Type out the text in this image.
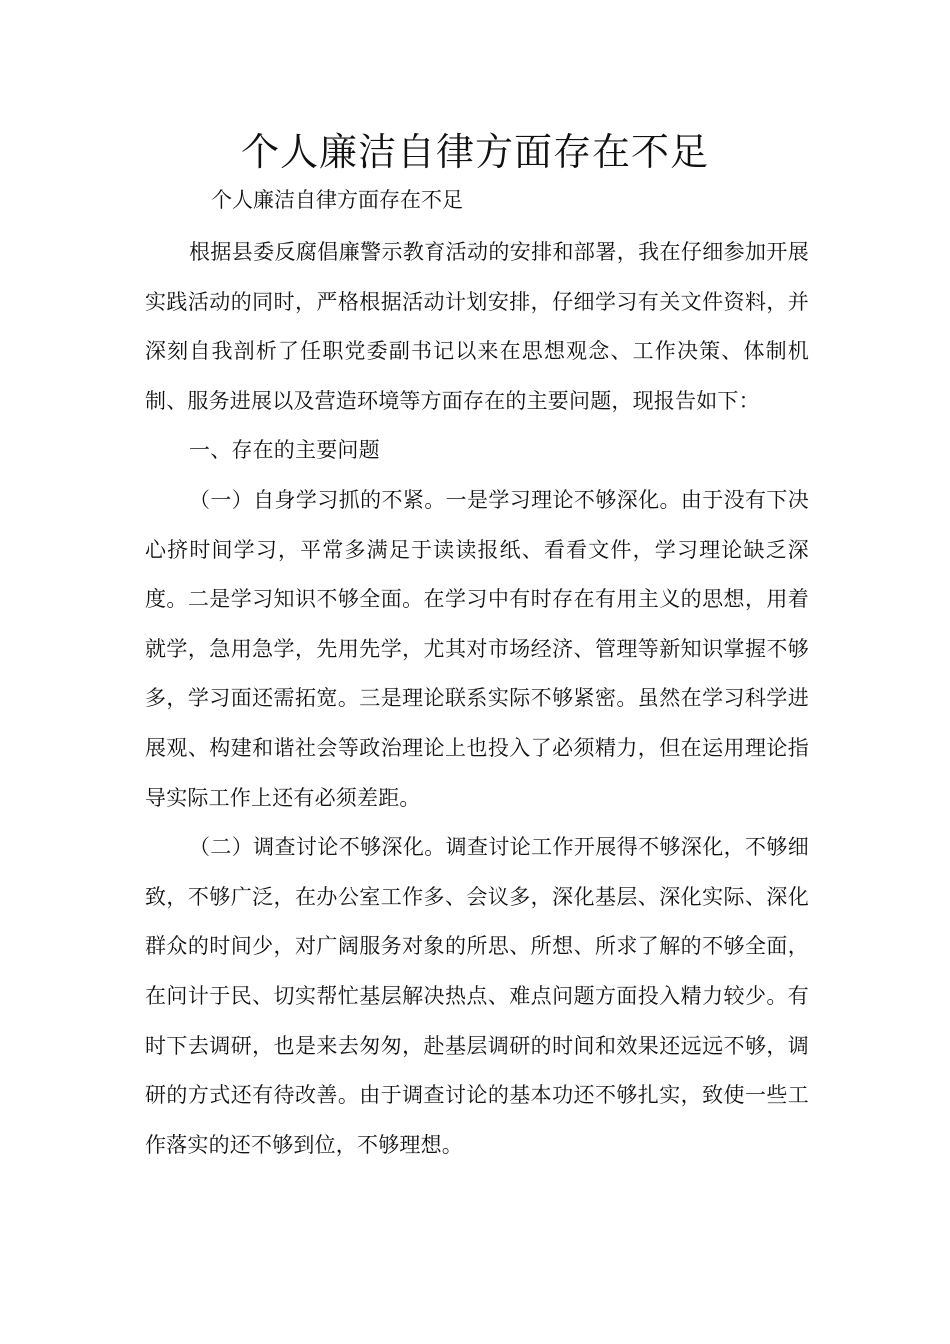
个人廉洁自律方面存在不足

个人廉洁自律方面存在不足

根据县委反腐倡廉警示教育活动的安排和部署，我在仔细参加开展实践活动的同时，严格根据活动计划安排，仔细学习有关文件资料，并深刻自我剖析了任职党委副书记以来在思想观念、工作决策、体制机制、服务进展以及营造环境等方面存在的主要问题，现报告如下：

一、存在的主要问题

（一）自身学习抓的不紧。一是学习理论不够深化。由于没有下决心挤时间学习，平常多满足于读读报纸、看看文件，学习理论缺乏深度。二是学习知识不够全面。在学习中有时存在有用主义的思想，用着就学，急用急学，先用先学，尤其对市场经济、管理等新知识掌握不够多，学习面还需拓宽。三是理论联系实际不够紧密。虽然在学习科学进展观、构建和谐社会等政治理论上也投入了必须精力，但在运用理论指导实际工作上还有必须差距。

（二）调查讨论不够深化。调查讨论工作开展得不够深化，不够细致，不够广泛，在办公室工作多、会议多，深化基层、深化实际、深化群众的时间少，对广阔服务对象的所思、所想、所求了解的不够全面，在问计于民、切实帮忙基层解决热点、难点问题方面投入精力较少。有时下去调研，也是来去匆匆，赴基层调研的时间和效果还远远不够，调研的方式还有待改善。由于调查讨论的基本功还不够扎实，致使一些工作落实的还不够到位，不够理想。
